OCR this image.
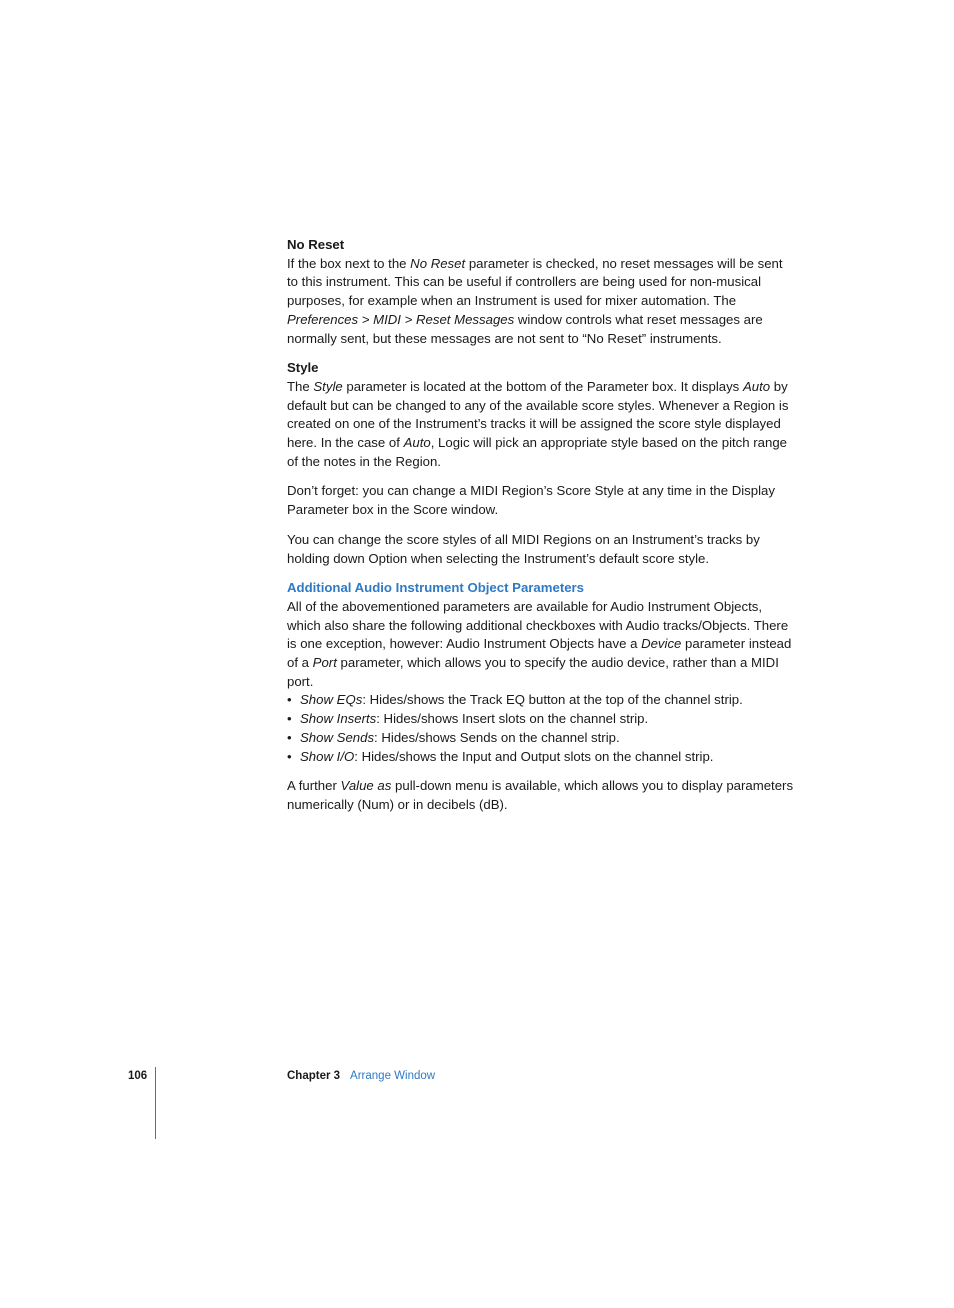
No Reset

If the box next to the No Reset parameter is checked, no reset messages will be sent to this instrument. This can be useful if controllers are being used for non-musical purposes, for example when an Instrument is used for mixer automation. The Preferences > MIDI > Reset Messages window controls what reset messages are normally sent, but these messages are not sent to “No Reset” instruments.

Style

The Style parameter is located at the bottom of the Parameter box. It displays Auto by default but can be changed to any of the available score styles. Whenever a Region is created on one of the Instrument’s tracks it will be assigned the score style displayed here. In the case of Auto, Logic will pick an appropriate style based on the pitch range of the notes in the Region.

Don’t forget: you can change a MIDI Region’s Score Style at any time in the Display Parameter box in the Score window.

You can change the score styles of all MIDI Regions on an Instrument’s tracks by holding down Option when selecting the Instrument’s default score style.

Additional Audio Instrument Object Parameters

All of the abovementioned parameters are available for Audio Instrument Objects, which also share the following additional checkboxes with Audio tracks/Objects. There is one exception, however: Audio Instrument Objects have a Device parameter instead of a Port parameter, which allows you to specify the audio device, rather than a MIDI port.

• Show EQs: Hides/shows the Track EQ button at the top of the channel strip.
• Show Inserts: Hides/shows Insert slots on the channel strip.
• Show Sends: Hides/shows Sends on the channel strip.
• Show I/O: Hides/shows the Input and Output slots on the channel strip.

A further Value as pull-down menu is available, which allows you to display parameters numerically (Num) or in decibels (dB).

106	Chapter 3 Arrange Window
